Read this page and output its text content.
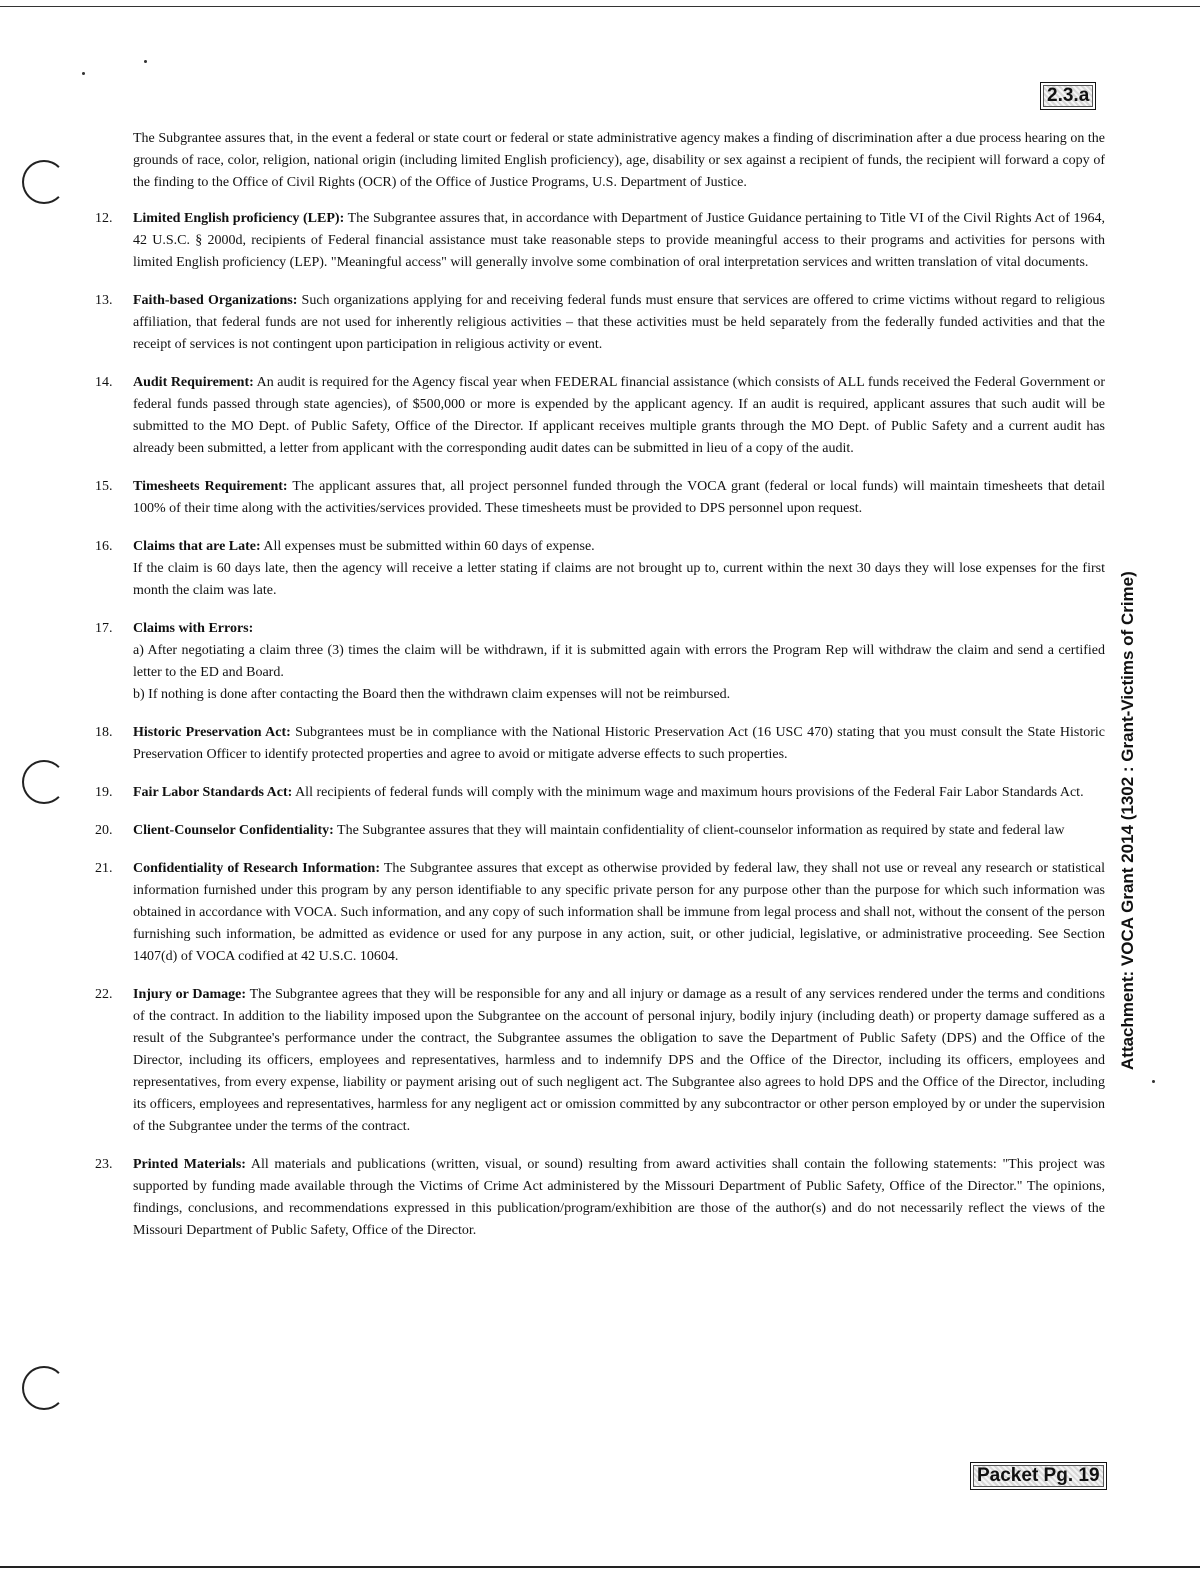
2.3.a
Packet Pg. 19
Attachment: VOCA Grant 2014 (1302 : Grant-Victims of Crime)

The Subgrantee assures that, in the event a federal or state court or federal or state administrative agency makes a finding of discrimination after a due process hearing on the grounds of race, color, religion, national origin (including limited English proficiency), age, disability or sex against a recipient of funds, the recipient will forward a copy of the finding to the Office of Civil Rights (OCR) of the Office of Justice Programs, U.S. Department of Justice.

12.	Limited English proficiency (LEP): The Subgrantee assures that, in accordance with Department of Justice Guidance pertaining to Title VI of the Civil Rights Act of 1964, 42 U.S.C. § 2000d, recipients of Federal financial assistance must take reasonable steps to provide meaningful access to their programs and activities for persons with limited English proficiency (LEP). "Meaningful access" will generally involve some combination of oral interpretation services and written translation of vital documents.

13.	Faith-based Organizations: Such organizations applying for and receiving federal funds must ensure that services are offered to crime victims without regard to religious affiliation, that federal funds are not used for inherently religious activities – that these activities must be held separately from the federally funded activities and that the receipt of services is not contingent upon participation in religious activity or event.

14.	Audit Requirement: An audit is required for the Agency fiscal year when FEDERAL financial assistance (which consists of ALL funds received the Federal Government or federal funds passed through state agencies), of $500,000 or more is expended by the applicant agency. If an audit is required, applicant assures that such audit will be submitted to the MO Dept. of Public Safety, Office of the Director. If applicant receives multiple grants through the MO Dept. of Public Safety and a current audit has already been submitted, a letter from applicant with the corresponding audit dates can be submitted in lieu of a copy of the audit.

15.	Timesheets Requirement: The applicant assures that, all project personnel funded through the VOCA grant (federal or local funds) will maintain timesheets that detail 100% of their time along with the activities/services provided. These timesheets must be provided to DPS personnel upon request.

16.	Claims that are Late: All expenses must be submitted within 60 days of expense.

If the claim is 60 days late, then the agency will receive a letter stating if claims are not brought up to, current within the next 30 days they will lose expenses for the first month the claim was late.

17.	Claims with Errors:

a) After negotiating a claim three (3) times the claim will be withdrawn, if it is submitted again with errors the Program Rep will withdraw the claim and send a certified letter to the ED and Board.

b) If nothing is done after contacting the Board then the withdrawn claim expenses will not be reimbursed.

18.	Historic Preservation Act: Subgrantees must be in compliance with the National Historic Preservation Act (16 USC 470) stating that you must consult the State Historic Preservation Officer to identify protected properties and agree to avoid or mitigate adverse effects to such properties.

19.	Fair Labor Standards Act: All recipients of federal funds will comply with the minimum wage and maximum hours provisions of the Federal Fair Labor Standards Act.

20.	Client-Counselor Confidentiality: The Subgrantee assures that they will maintain confidentiality of client-counselor information as required by state and federal law

21.	Confidentiality of Research Information: The Subgrantee assures that except as otherwise provided by federal law, they shall not use or reveal any research or statistical information furnished under this program by any person identifiable to any specific private person for any purpose other than the purpose for which such information was obtained in accordance with VOCA. Such information, and any copy of such information shall be immune from legal process and shall not, without the consent of the person furnishing such information, be admitted as evidence or used for any purpose in any action, suit, or other judicial, legislative, or administrative proceeding. See Section 1407(d) of VOCA codified at 42 U.S.C. 10604.

22.	Injury or Damage: The Subgrantee agrees that they will be responsible for any and all injury or damage as a result of any services rendered under the terms and conditions of the contract. In addition to the liability imposed upon the Subgrantee on the account of personal injury, bodily injury (including death) or property damage suffered as a result of the Subgrantee's performance under the contract, the Subgrantee assumes the obligation to save the Department of Public Safety (DPS) and the Office of the Director, including its officers, employees and representatives, harmless and to indemnify DPS and the Office of the Director, including its officers, employees and representatives, from every expense, liability or payment arising out of such negligent act. The Subgrantee also agrees to hold DPS and the Office of the Director, including its officers, employees and representatives, harmless for any negligent act or omission committed by any subcontractor or other person employed by or under the supervision of the Subgrantee under the terms of the contract.

23.	Printed Materials: All materials and publications (written, visual, or sound) resulting from award activities shall contain the following statements: "This project was supported by funding made available through the Victims of Crime Act administered by the Missouri Department of Public Safety, Office of the Director." The opinions, findings, conclusions, and recommendations expressed in this publication/program/exhibition are those of the author(s) and do not necessarily reflect the views of the Missouri Department of Public Safety, Office of the Director.
